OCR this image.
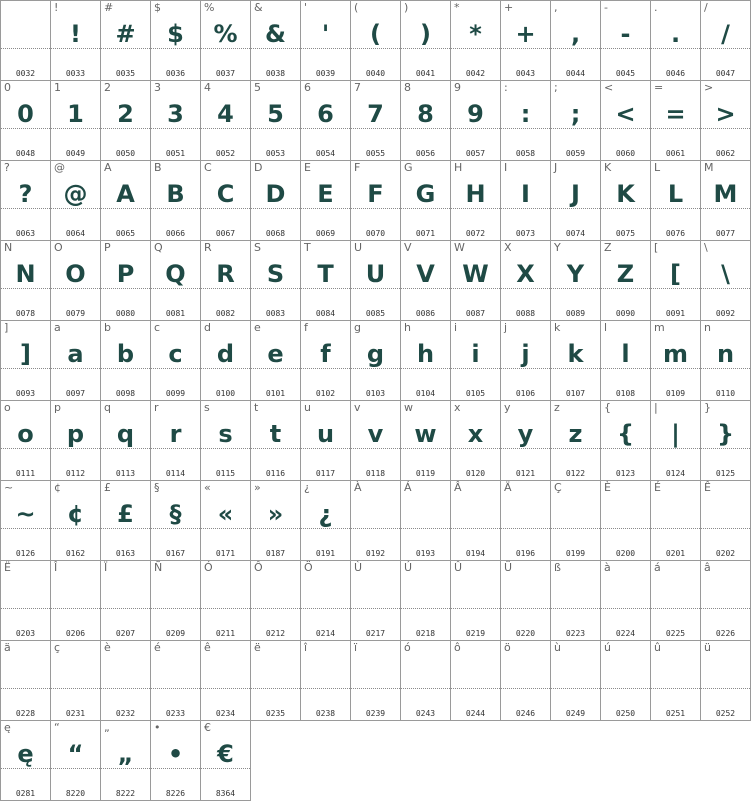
0032
!
!
0033
#
#
0035
$
$
0036
%
%
0037
&
&
0038
'
'
0039
(
(
0040
)
)
0041
*
*
0042
+
+
0043
,
,
0044
-
-
0045
.
.
0046
/
/
0047
0
0
0048
1
1
0049
2
2
0050
3
3
0051
4
4
0052
5
5
0053
6
6
0054
7
7
0055
8
8
0056
9
9
0057
:
:
0058
;
;
0059
<
<
0060
=
=
0061
>
>
0062
?
?
0063
@
@
0064
A
A
0065
B
B
0066
C
C
0067
D
D
0068
E
E
0069
F
F
0070
G
G
0071
H
H
0072
I
I
0073
J
J
0074
K
K
0075
L
L
0076
M
M
0077
N
N
0078
O
O
0079
P
P
0080
Q
Q
0081
R
R
0082
S
S
0083
T
T
0084
U
U
0085
V
V
0086
W
W
0087
X
X
0088
Y
Y
0089
Z
Z
0090
[
[
0091
\
\
0092
]
]
0093
a
a
0097
b
b
0098
c
c
0099
d
d
0100
e
e
0101
f
f
0102
g
g
0103
h
h
0104
i
i
0105
j
j
0106
k
k
0107
l
l
0108
m
m
0109
n
n
0110
o
o
0111
p
p
0112
q
q
0113
r
r
0114
s
s
0115
t
t
0116
u
u
0117
v
v
0118
w
w
0119
x
x
0120
y
y
0121
z
z
0122
{
{
0123
|
|
0124
}
}
0125
~
~
0126
¢
¢
0162
£
£
0163
§
§
0167
«
«
0171
»
»
0187
¿
¿
0191
À
0192
Á
0193
Â
0194
Ä
0196
Ç
0199
È
0200
É
0201
Ê
0202
Ë
0203
Î
0206
Ï
0207
Ñ
0209
Ó
0211
Ô
0212
Ö
0214
Ù
0217
Ú
0218
Û
0219
Ü
0220
ß
0223
à
0224
á
0225
â
0226
ä
0228
ç
0231
è
0232
é
0233
ê
0234
ë
0235
î
0238
ï
0239
ó
0243
ô
0244
ö
0246
ù
0249
ú
0250
û
0251
ü
0252
ę
ę
0281
“
“
8220
„
„
8222
•
•
8226
€
€
8364
